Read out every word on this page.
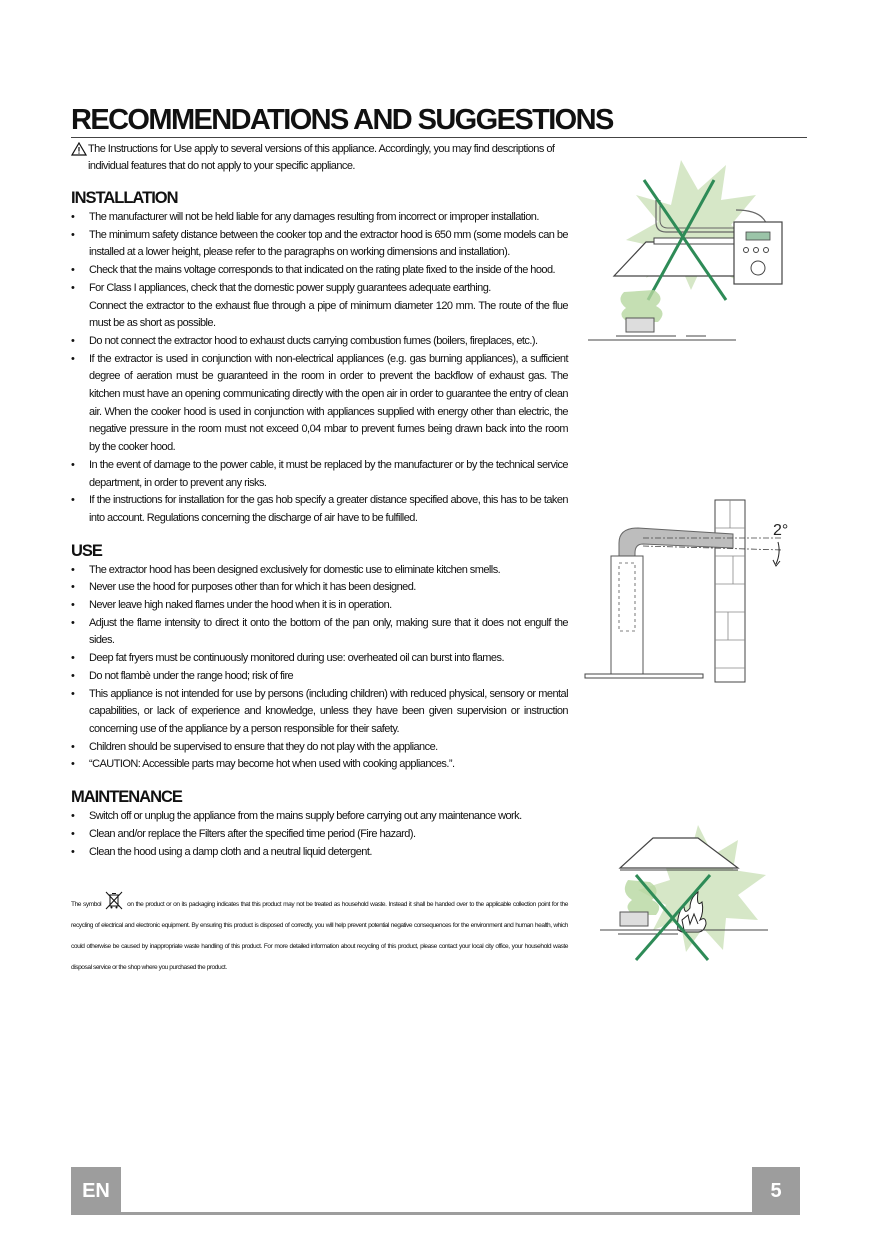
RECOMMENDATIONS AND SUGGESTIONS
The Instructions for Use apply to several versions of this appliance. Accordingly, you may find descriptions of individual features that do not apply to your specific appliance.
INSTALLATION
• The manufacturer will not be held liable for any damages resulting from incorrect or improper installation.
• The minimum safety distance between the cooker top and the extractor hood is 650 mm (some models can be installed at a lower height, please refer to the paragraphs on working dimensions and installation).
• Check that the mains voltage corresponds to that indicated on the rating plate fixed to the inside of the hood.
• For Class I appliances, check that the domestic power supply guarantees adequate earthing.
Connect the extractor to the exhaust flue through a pipe of minimum diameter 120 mm. The route of the flue must be as short as possible.
• Do not connect the extractor hood to exhaust ducts carrying combustion fumes (boilers, fireplaces, etc.).
• If the extractor is used in conjunction with non-electrical appliances (e.g. gas burning appliances), a sufficient degree of aeration must be guaranteed in the room in order to prevent the backflow of exhaust gas. The kitchen must have an opening communicating directly with the open air in order to guarantee the entry of clean air. When the cooker hood is used in conjunction with appliances supplied with energy other than electric, the negative pressure in the room must not exceed 0,04 mbar to prevent fumes being drawn back into the room by the cooker hood.
• In the event of damage to the power cable, it must be replaced by the manufacturer or by the technical service department, in order to prevent any risks.
• If the instructions for installation for the gas hob specify a greater distance specified above, this has to be taken into account. Regulations concerning the discharge of air have to be fulfilled.
USE
• The extractor hood has been designed exclusively for domestic use to eliminate kitchen smells.
• Never use the hood for purposes other than for which it has been designed.
• Never leave high naked flames under the hood when it is in operation.
• Adjust the flame intensity to direct it onto the bottom of the pan only, making sure that it does not engulf the sides.
• Deep fat fryers must be continuously monitored during use: overheated oil can burst into flames.
• Do not flambè under the range hood; risk of fire
• This appliance is not intended for use by persons (including children) with reduced physical, sensory or mental capabilities, or lack of experience and knowledge, unless they have been given supervision or instruction concerning use of the appliance by a person responsible for their safety.
• Children should be supervised to ensure that they do not play with the appliance.
• “CAUTION: Accessible parts may become hot when used with cooking appliances.”.
MAINTENANCE
• Switch off or unplug the appliance from the mains supply before carrying out any maintenance work.
• Clean and/or replace the Filters after the specified time period (Fire hazard).
• Clean the hood using a damp cloth and a neutral liquid detergent.
The symbol	on the product or on its packaging indicates that this product may not be treated as household waste. Instead it shall be handed over to the applicable collection point for the recycling of electrical and electronic equipment. By ensuring this product is disposed of correctly, you will help prevent potential negative consequences for the environment and human health, which could otherwise be caused by inappropriate waste handling of this product. For more detailed information about recycling of this product, please contact your local city office, your household waste disposal service or the shop where you purchased the product.
2°
EN	5
